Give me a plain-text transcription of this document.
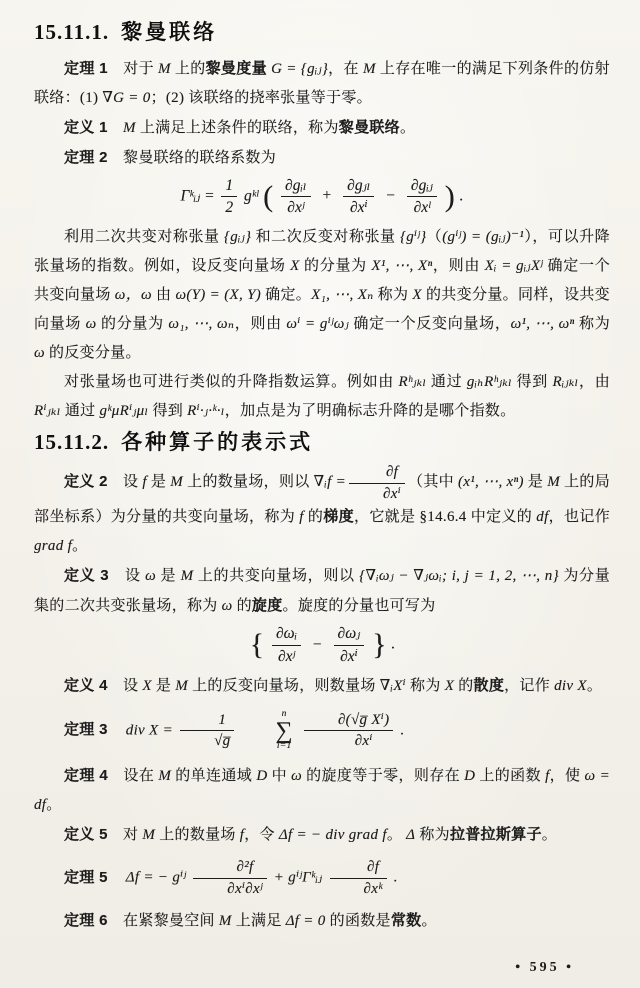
15.11.1. 黎曼联络

定理 1　对于 M 上的黎曼度量 G = {gᵢⱼ}，在 M 上存在唯一的满足下列条件的仿射联络：(1) ∇G = 0；(2) 该联络的挠率张量等于零。

定义 1　 M 上满足上述条件的联络，称为黎曼联络。

定理 2　黎曼联络的联络系数为

Γᵏᵢⱼ = $\frac{1}{2}$ gᵏˡ ( $\frac{\text{∂gᵢₗ}}{\text{∂xʲ}} + \frac{\text{∂gⱼₗ}}{\text{∂xⁱ}} - \frac{\text{∂gᵢⱼ}}{\text{∂xˡ}}$ ) .

利用二次共变对称张量 {gᵢⱼ} 和二次反变对称张量 {gⁱʲ}（(gⁱʲ) = (gᵢⱼ)⁻¹），可以升降张量场的指数。例如，设反变向量场 X 的分量为 X¹, ⋯, Xⁿ，则由 Xᵢ = gᵢⱼXʲ 确定一个共变向量场 ω，ω 由 ω(Y) = (X, Y) 确定。X₁, ⋯, Xₙ 称为 X 的共变分量。同样，设共变向量场 ω 的分量为 ω₁, ⋯, ωₙ，则由 ωⁱ = gⁱʲωⱼ 确定一个反变向量场，ω¹, ⋯, ωⁿ 称为 ω 的反变分量。

对张量场也可进行类似的升降指数运算。例如由 Rʰⱼₖₗ 通过 gᵢₕRʰⱼₖₗ 得到 Rᵢⱼₖₗ，由 Rⁱⱼₖₗ 通过 gᵏμRⁱⱼμₗ 得到 Rⁱ·ⱼ·ᵏ·ₗ，加点是为了明确标志升降的是哪个指数。

15.11.2. 各种算子的表示式

定义 2　设 f 是 M 上的数量场，则以 ∇ᵢf = $\frac{\partial f}{\text{∂xⁱ}}$ （其中 (x¹, ⋯, xⁿ) 是 M 上的局部坐标系）为分量的共变向量场，称为 f 的梯度，它就是 §14.6.4 中定义的 df，也记作 grad f。

定义 3　设 ω 是 M 上的共变向量场，则以 {∇ᵢωⱼ − ∇ⱼωᵢ; i, j = 1, 2, ⋯, n} 为分量集的二次共变张量场，称为 ω 的旋度。旋度的分量也可写为

{ $\frac{\text{∂ωᵢ}}{\text{∂xʲ}} - \frac{\text{∂ωⱼ}}{\text{∂xⁱ}}$ } .

定义 4　设 X 是 M 上的反变向量场，则数量场 ∇ᵢXⁱ 称为 X 的散度，记作 div X。

定理 3 div $X = \frac{1}{√g̅}$
	n
∑
i=1
$\frac{\text{∂(√g̅ Xⁱ)}}{\text{∂xⁱ}}$ .

定理 4　设在 M 的单连通域 D 中 ω 的旋度等于零，则存在 D 上的函数 f，使 ω = df。

定义 5　对 M 上的数量场 f，令 Δf = − div grad f。 Δ 称为拉普拉斯算子。

定理 5 Δf = − gⁱʲ $\frac{\text{∂²f}}{\text{∂xⁱ∂xʲ}}$ + gⁱʲΓᵏᵢⱼ $\frac{\partial f}{\text{∂xᵏ}}$ .

定理 6　在紧黎曼空间 M 上满足 Δf = 0 的函数是常数。

• 595 •
